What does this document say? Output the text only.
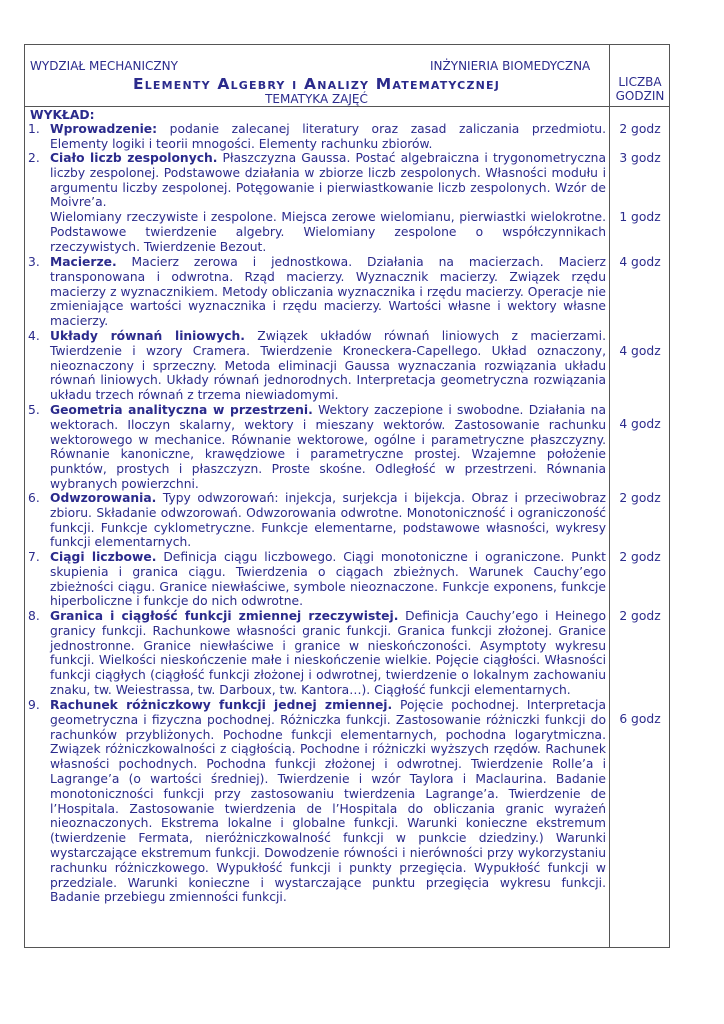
WYDZIAŁ MECHANICZNY	INŻYNIERIA BIOMEDYCZNA
Elementy Algebry i Analizy Matematycznej
TEMATYKA ZAJĘĆ
LICZBA
GODZIN
WYKŁAD:
1. Wprowadzenie: podanie zalecanej literatury oraz zasad zaliczania przedmiotu. Elementy logiki i teorii mnogości. Elementy rachunku zbiorów.
2 godz
2. Ciało liczb zespolonych. Płaszczyzna Gaussa. Postać algebraiczna i trygonometryczna liczby zespolonej. Podstawowe działania w zbiorze liczb zespolonych. Własności modułu i argumentu liczby zespolonej. Potęgowanie i pierwiastkowanie liczb zespolonych. Wzór de Moivre’a.
3 godz
Wielomiany rzeczywiste i zespolone. Miejsca zerowe wielomianu, pierwiastki wielokrotne. Podstawowe twierdzenie algebry. Wielomiany zespolone o współczynnikach rzeczywistych. Twierdzenie Bezout.
1 godz
3. Macierze. Macierz zerowa i jednostkowa. Działania na macierzach. Macierz transponowana i odwrotna. Rząd macierzy. Wyznacznik macierzy. Związek rzędu macierzy z wyznacznikiem. Metody obliczania wyznacznika i rzędu macierzy. Operacje nie zmieniające wartości wyznacznika i rzędu macierzy. Wartości własne i wektory własne macierzy.
4 godz
4. Układy równań liniowych. Związek układów równań liniowych z macierzami. Twierdzenie i wzory Cramera. Twierdzenie Kroneckera-Capellego. Układ oznaczony, nieoznaczony i sprzeczny. Metoda eliminacji Gaussa wyznaczania rozwiązania układu równań liniowych. Układy równań jednorodnych. Interpretacja geometryczna rozwiązania układu trzech równań z trzema niewiadomymi.
4 godz
5. Geometria analityczna w przestrzeni. Wektory zaczepione i swobodne. Działania na wektorach. Iloczyn skalarny, wektory i mieszany wektorów. Zastosowanie rachunku wektorowego w mechanice. Równanie wektorowe, ogólne i parametryczne płaszczyzny. Równanie kanoniczne, krawędziowe i parametryczne prostej. Wzajemne położenie punktów, prostych i płaszczyzn. Proste skośne. Odległość w przestrzeni. Równania wybranych powierzchni.
4 godz
6. Odwzorowania. Typy odwzorowań: injekcja, surjekcja i bijekcja. Obraz i przeciwobraz zbioru. Składanie odwzorowań. Odwzorowania odwrotne. Monotoniczność i ograniczoność funkcji. Funkcje cyklometryczne. Funkcje elementarne, podstawowe własności, wykresy funkcji elementarnych.
2 godz
7. Ciągi liczbowe. Definicja ciągu liczbowego. Ciągi monotoniczne i ograniczone. Punkt skupienia i granica ciągu. Twierdzenia o ciągach zbieżnych. Warunek Cauchy’ego zbieżności ciągu. Granice niewłaściwe, symbole nieoznaczone. Funkcje exponens, funkcje hiperboliczne i funkcje do nich odwrotne.
2 godz
8. Granica i ciągłość funkcji zmiennej rzeczywistej. Definicja Cauchy’ego i Heinego granicy funkcji. Rachunkowe własności granic funkcji. Granica funkcji złożonej. Granice jednostronne. Granice niewłaściwe i granice w nieskończoności. Asymptoty wykresu funkcji. Wielkości nieskończenie małe i nieskończenie wielkie. Pojęcie ciągłości. Własności funkcji ciągłych (ciągłość funkcji złożonej i odwrotnej, twierdzenie o lokalnym zachowaniu znaku, tw. Weiestrassa, tw. Darboux, tw. Kantora…). Ciągłość funkcji elementarnych.
2 godz
9. Rachunek różniczkowy funkcji jednej zmiennej. Pojęcie pochodnej. Interpretacja geometryczna i fizyczna pochodnej. Różniczka funkcji. Zastosowanie różniczki funkcji do rachunków przybliżonych. Pochodne funkcji elementarnych, pochodna logarytmiczna. Związek różniczkowalności z ciągłością. Pochodne i różniczki wyższych rzędów. Rachunek własności pochodnych. Pochodna funkcji złożonej i odwrotnej. Twierdzenie Rolle’a i Lagrange’a (o wartości średniej). Twierdzenie i wzór Taylora i Maclaurina. Badanie monotoniczności funkcji przy zastosowaniu twierdzenia Lagrange’a. Twierdzenie de l’Hospitala. Zastosowanie twierdzenia de l’Hospitala do obliczania granic wyrażeń nieoznaczonych. Ekstrema lokalne i globalne funkcji. Warunki konieczne ekstremum (twierdzenie Fermata, nieróżniczkowalność funkcji w punkcie dziedziny.) Warunki wystarczające ekstremum funkcji. Dowodzenie równości i nierówności przy wykorzystaniu rachunku różniczkowego. Wypukłość funkcji i punkty przegięcia. Wypukłość funkcji w przedziale. Warunki konieczne i wystarczające punktu przegięcia wykresu funkcji. Badanie przebiegu zmienności funkcji.
6 godz
